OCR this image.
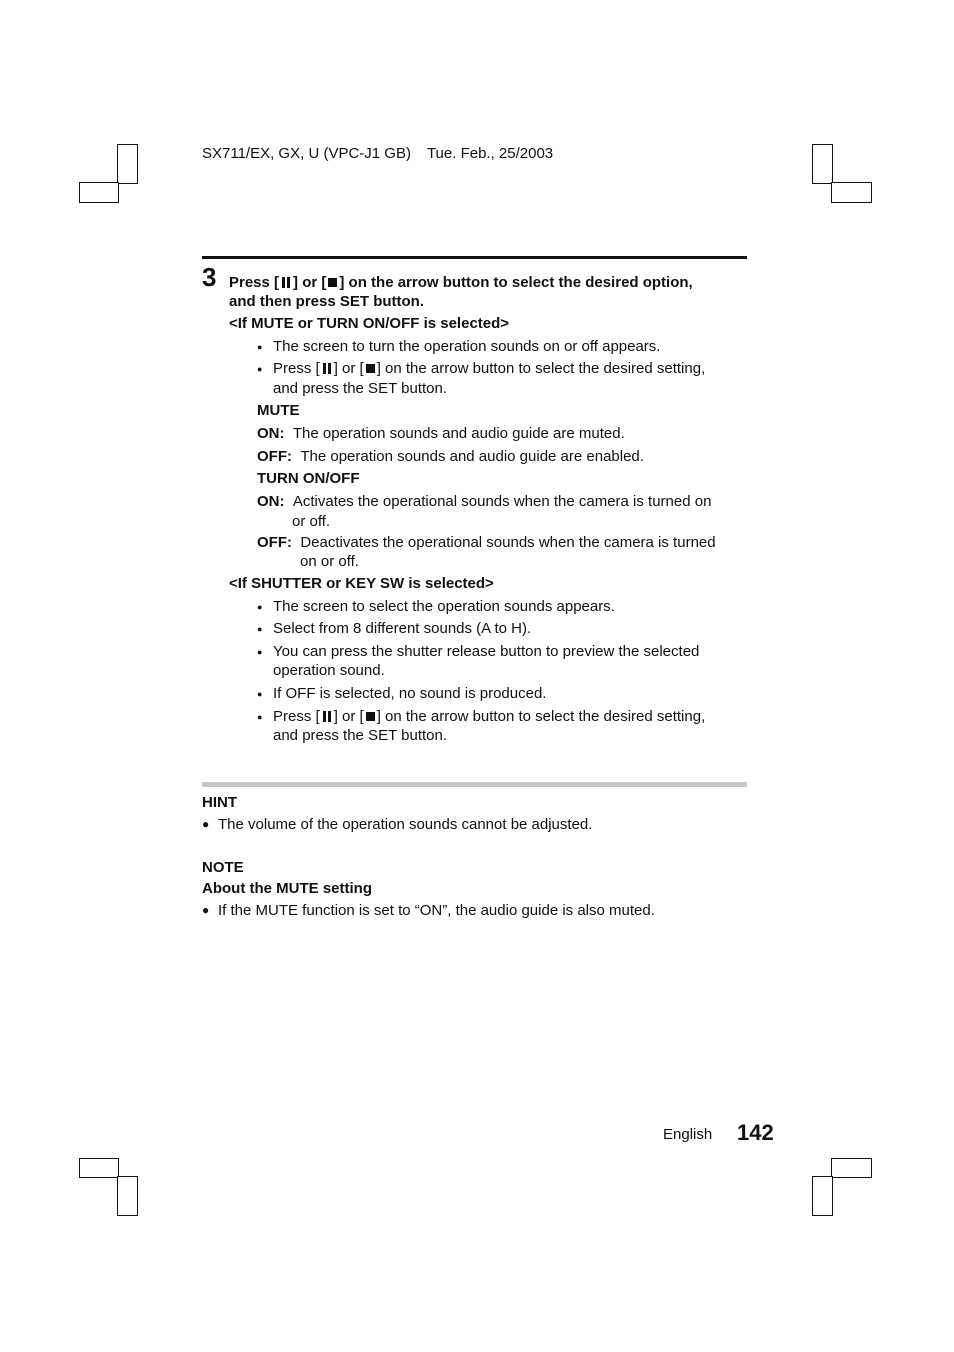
SX711/EX, GX, U (VPC-J1 GB) Tue. Feb., 25/2003
3 Press [ ] or [ ] on the arrow button to select the desired option,
and then press SET button.
<If MUTE or TURN ON/OFF is selected>
● The screen to turn the operation sounds on or off appears.
● Press [ ] or [ ] on the arrow button to select the desired setting,
and press the SET button.
MUTE
ON: The operation sounds and audio guide are muted.
OFF: The operation sounds and audio guide are enabled.
TURN ON/OFF
ON: Activates the operational sounds when the camera is turned on
or off.
OFF: Deactivates the operational sounds when the camera is turned
on or off.
<If SHUTTER or KEY SW is selected>
● The screen to select the operation sounds appears.
● Select from 8 different sounds (A to H).
● You can press the shutter release button to preview the selected
operation sound.
● If OFF is selected, no sound is produced.
● Press [ ] or [ ] on the arrow button to select the desired setting,
and press the SET button.
HINT
● The volume of the operation sounds cannot be adjusted.
NOTE
About the MUTE setting
● If the MUTE function is set to “ON”, the audio guide is also muted.
English 142
